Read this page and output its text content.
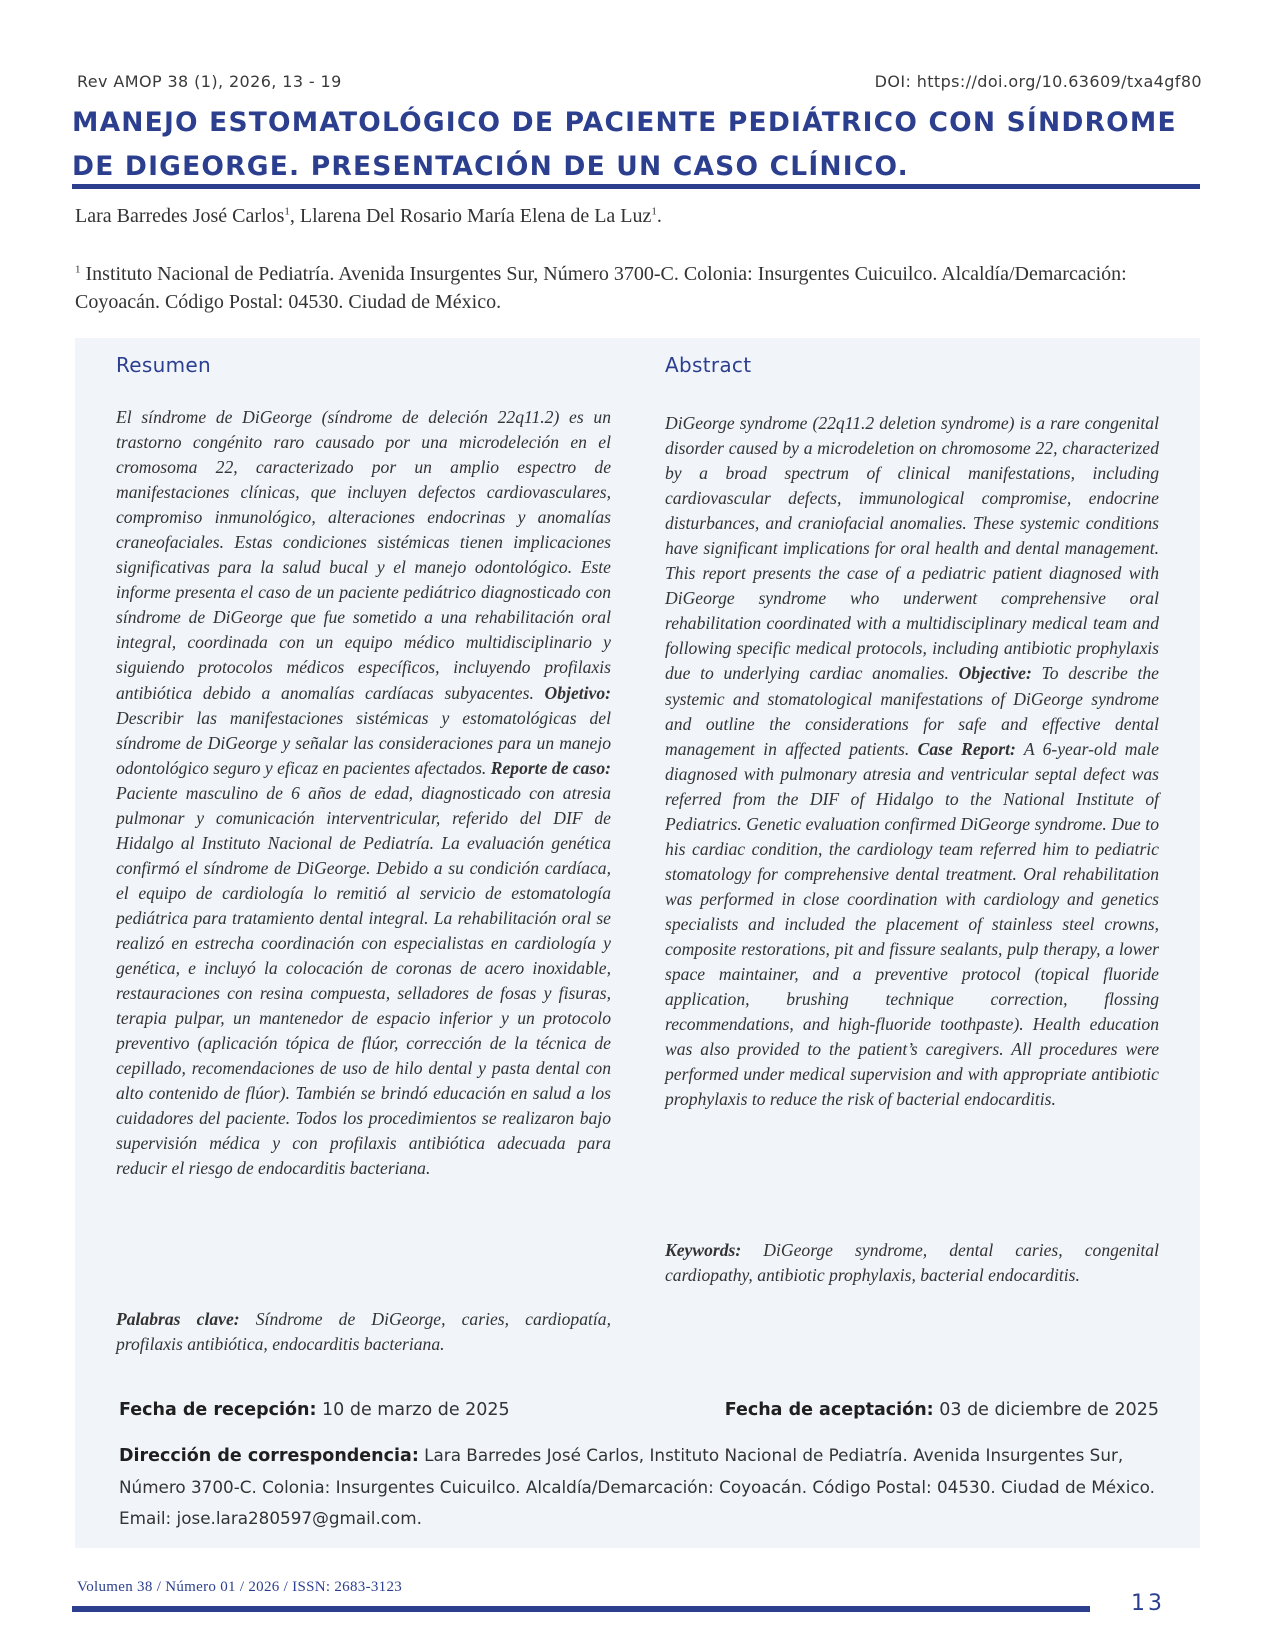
Rev AMOP 38 (1), 2026, 13 - 19	DOI: https://doi.org/10.63609/txa4gf80
MANEJO ESTOMATOLÓGICO DE PACIENTE PEDIÁTRICO CON SÍNDROME DE DIGEORGE. PRESENTACIÓN DE UN CASO CLÍNICO.
Lara Barredes José Carlos$^1$, Llarena Del Rosario María Elena de La Luz$^1$.
$^1$ Instituto Nacional de Pediatría. Avenida Insurgentes Sur, Número 3700-C. Colonia: Insurgentes Cuicuilco. Alcaldía/Demarcación: Coyoacán. Código Postal: 04530. Ciudad de México.
Resumen	Abstract

El síndrome de DiGeorge (síndrome de deleción 22q11.2) es un trastorno congénito raro causado por una microdeleción en el cromosoma 22, caracterizado por un amplio espectro de manifestaciones clínicas, que incluyen defectos cardiovasculares, compromiso inmunológico, alteraciones endocrinas y anomalías craneofaciales. Estas condiciones sistémicas tienen implicaciones significativas para la salud bucal y el manejo odontológico. Este informe presenta el caso de un paciente pediátrico diagnosticado con síndrome de DiGeorge que fue sometido a una rehabilitación oral integral, coordinada con un equipo médico multidisciplinario y siguiendo protocolos médicos específicos, incluyendo profilaxis antibiótica debido a anomalías cardíacas subyacentes. Objetivo: Describir las manifestaciones sistémicas y estomatológicas del síndrome de DiGeorge y señalar las consideraciones para un manejo odontológico seguro y eficaz en pacientes afectados. Reporte de caso: Paciente masculino de 6 años de edad, diagnosticado con atresia pulmonar y comunicación interventricular, referido del DIF de Hidalgo al Instituto Nacional de Pediatría. La evaluación genética confirmó el síndrome de DiGeorge. Debido a su condición cardíaca, el equipo de cardiología lo remitió al servicio de estomatología pediátrica para tratamiento dental integral. La rehabilitación oral se realizó en estrecha coordinación con especialistas en cardiología y genética, e incluyó la colocación de coronas de acero inoxidable, restauraciones con resina compuesta, selladores de fosas y fisuras, terapia pulpar, un mantenedor de espacio inferior y un protocolo preventivo (aplicación tópica de flúor, corrección de la técnica de cepillado, recomendaciones de uso de hilo dental y pasta dental con alto contenido de flúor). También se brindó educación en salud a los cuidadores del paciente. Todos los procedimientos se realizaron bajo supervisión médica y con profilaxis antibiótica adecuada para reducir el riesgo de endocarditis bacteriana.

Palabras clave: Síndrome de DiGeorge, caries, cardiopatía, profilaxis antibiótica, endocarditis bacteriana.

DiGeorge syndrome (22q11.2 deletion syndrome) is a rare congenital disorder caused by a microdeletion on chromosome 22, characterized by a broad spectrum of clinical manifestations, including cardiovascular defects, immunological compromise, endocrine disturbances, and craniofacial anomalies. These systemic conditions have significant implications for oral health and dental management. This report presents the case of a pediatric patient diagnosed with DiGeorge syndrome who underwent comprehensive oral rehabilitation coordinated with a multidisciplinary medical team and following specific medical protocols, including antibiotic prophylaxis due to underlying cardiac anomalies. Objective: To describe the systemic and stomatological manifestations of DiGeorge syndrome and outline the considerations for safe and effective dental management in affected patients. Case Report: A 6-year-old male diagnosed with pulmonary atresia and ventricular septal defect was referred from the DIF of Hidalgo to the National Institute of Pediatrics. Genetic evaluation confirmed DiGeorge syndrome. Due to his cardiac condition, the cardiology team referred him to pediatric stomatology for comprehensive dental treatment. Oral rehabilitation was performed in close coordination with cardiology and genetics specialists and included the placement of stainless steel crowns, composite restorations, pit and fissure sealants, pulp therapy, a lower space maintainer, and a preventive protocol (topical fluoride application, brushing technique correction, flossing recommendations, and high-fluoride toothpaste). Health education was also provided to the patient’s caregivers. All procedures were performed under medical supervision and with appropriate antibiotic prophylaxis to reduce the risk of bacterial endocarditis.

Keywords: DiGeorge syndrome, dental caries, congenital cardiopathy, antibiotic prophylaxis, bacterial endocarditis.

Fecha de recepción: 10 de marzo de 2025	Fecha de aceptación: 03 de diciembre de 2025

Dirección de correspondencia: Lara Barredes José Carlos, Instituto Nacional de Pediatría. Avenida Insurgentes Sur, Número 3700-C. Colonia: Insurgentes Cuicuilco. Alcaldía/Demarcación: Coyoacán. Código Postal: 04530. Ciudad de México. Email: jose.lara280597@gmail.com.

Volumen 38 / Número 01 / 2026 / ISSN: 2683-3123
13
